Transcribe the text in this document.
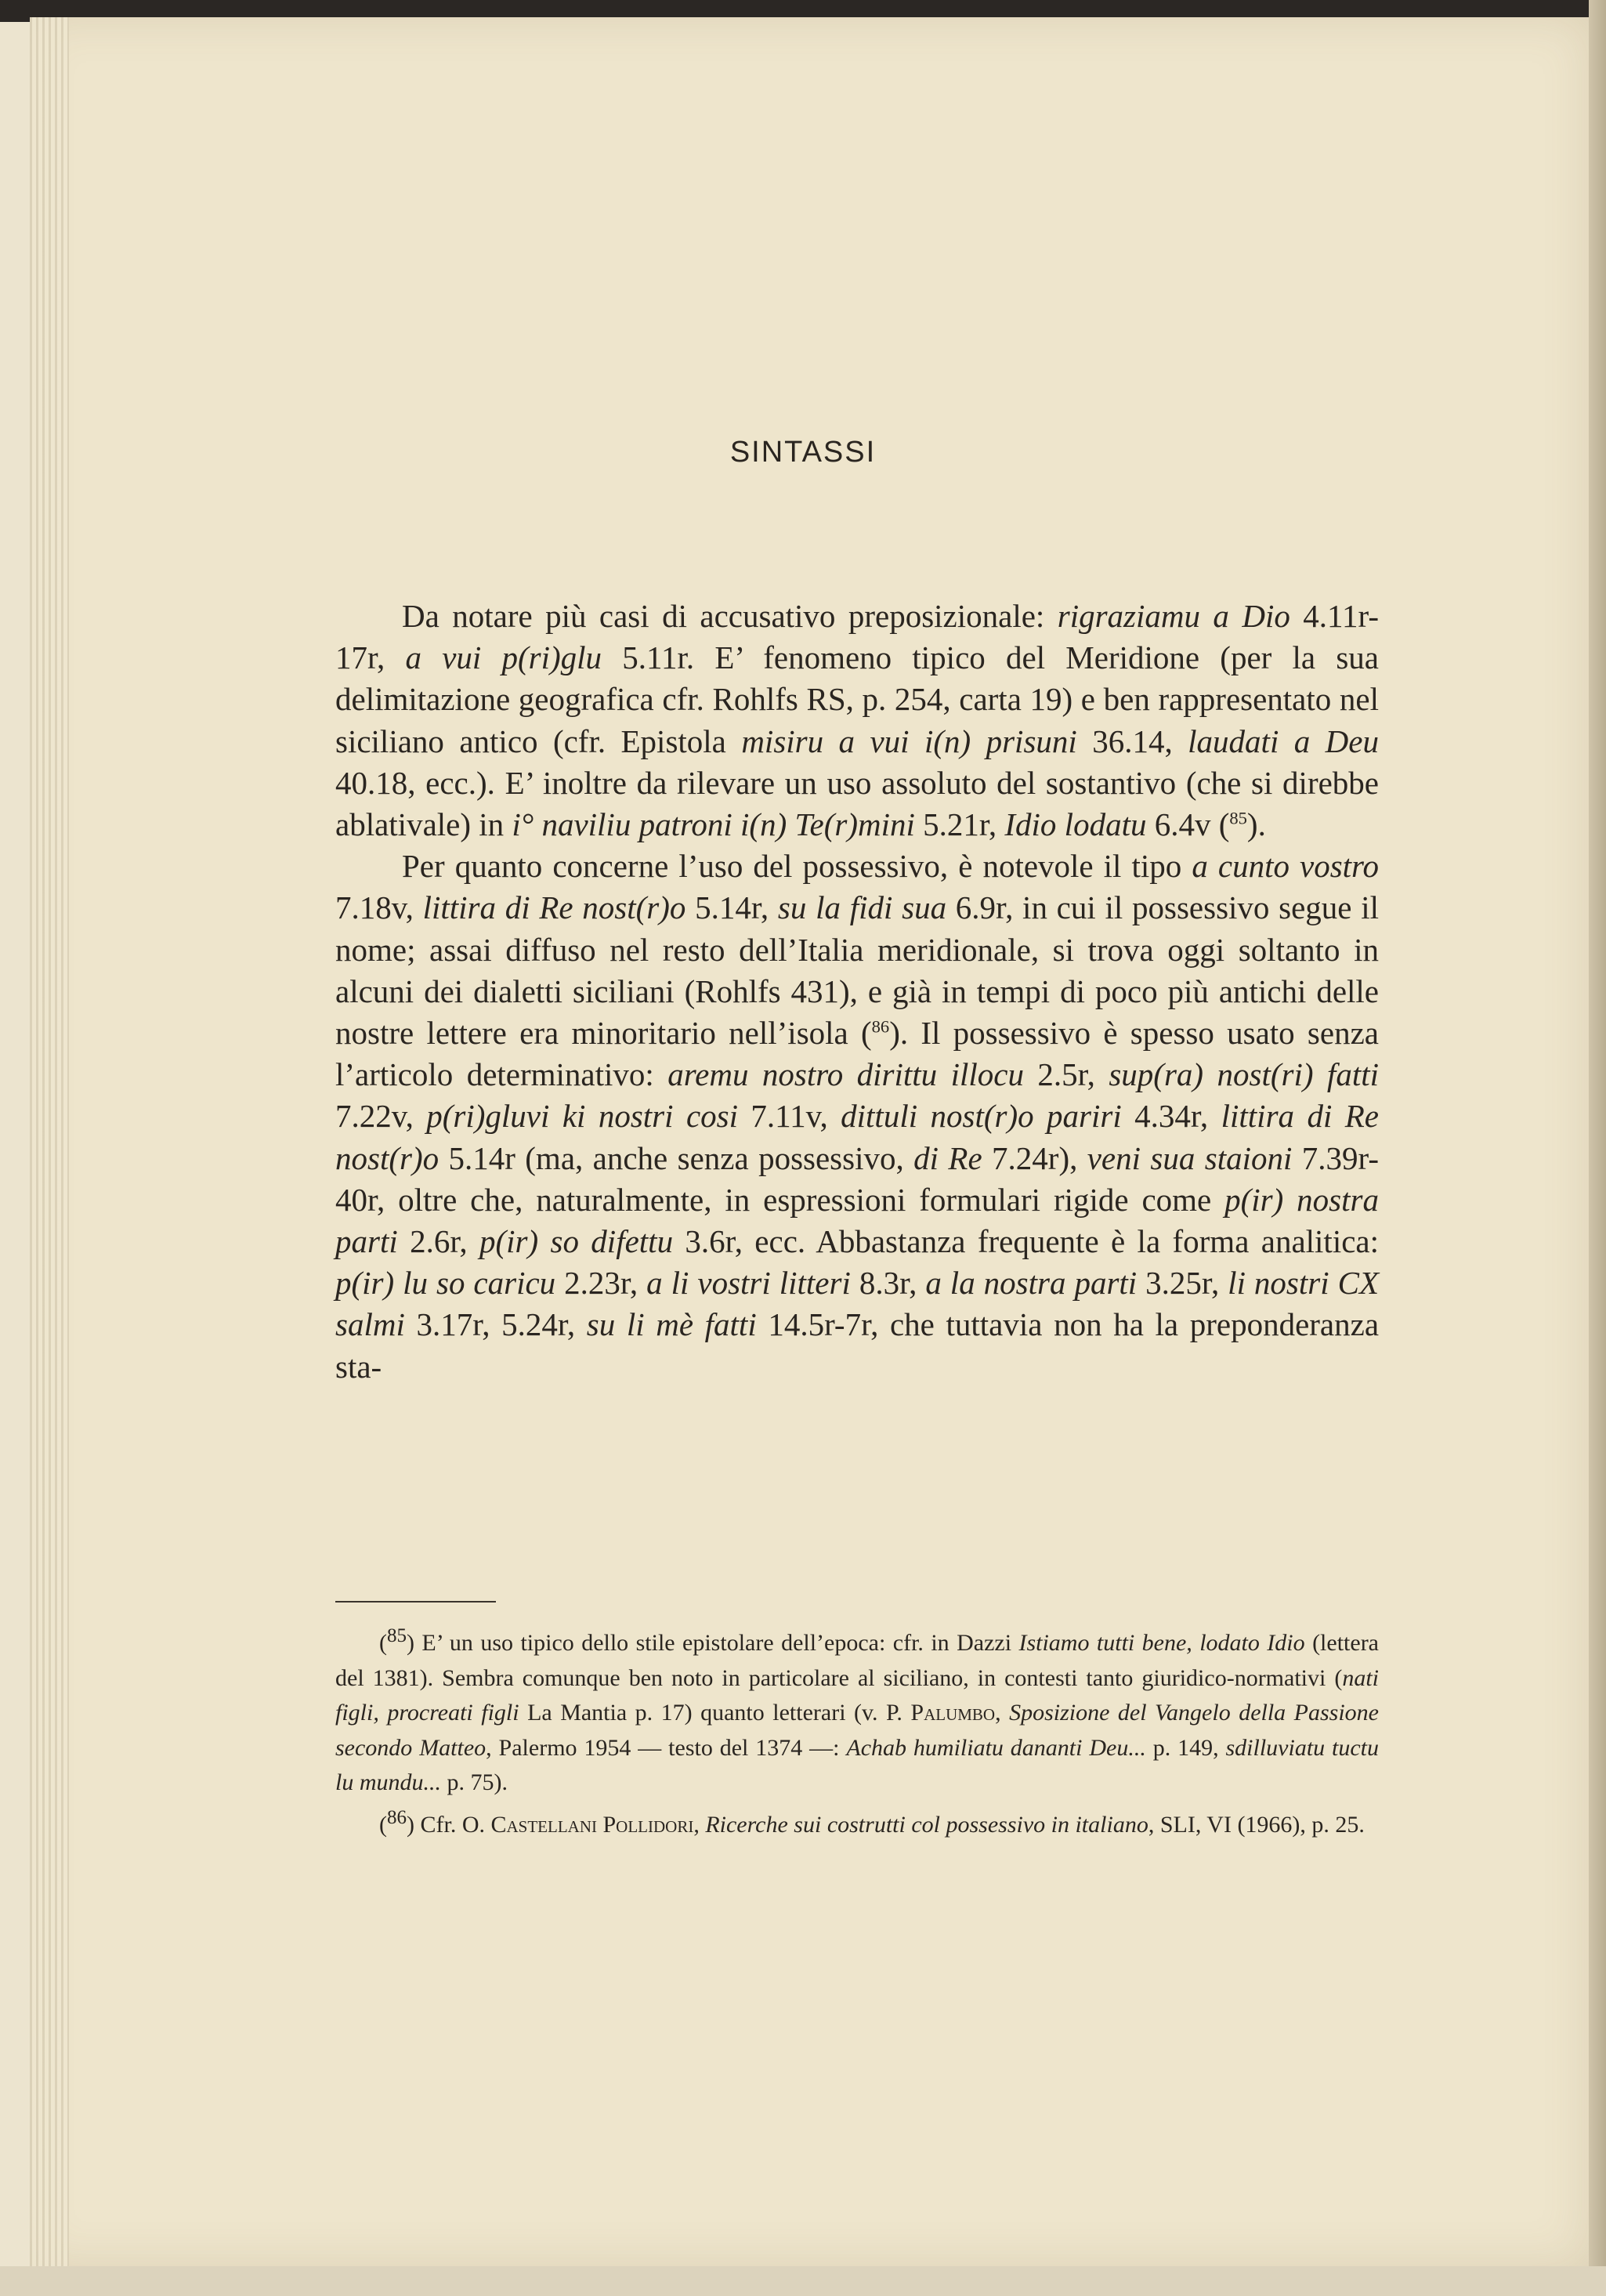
SINTASSI

Da notare più casi di accusativo preposizionale: rigraziamu a Dio 4.11r-17r, a vui p(ri)glu 5.11r. E’ fenomeno tipico del Meridione (per la sua delimitazione geografica cfr. Rohlfs RS, p. 254, carta 19) e ben rappresentato nel siciliano antico (cfr. Epistola misiru a vui i(n) prisuni 36.14, laudati a Deu 40.18, ecc.). E’ inoltre da rilevare un uso assoluto del sostantivo (che si direbbe ablativale) in i° naviliu patroni i(n) Te(r)mini 5.21r, Idio lodatu 6.4v ($^{85}$).

Per quanto concerne l’uso del possessivo, è notevole il tipo a cunto vostro 7.18v, littira di Re nost(r)o 5.14r, su la fidi sua 6.9r, in cui il possessivo segue il nome; assai diffuso nel resto dell’Italia meridionale, si trova oggi soltanto in alcuni dei dialetti siciliani (Rohlfs 431), e già in tempi di poco più antichi delle nostre lettere era minoritario nell’isola ($^{86}$). Il possessivo è spesso usato senza l’articolo determinativo: aremu nostro dirittu illocu 2.5r, sup(ra) nost(ri) fatti 7.22v, p(ri)gluvi ki nostri cosi 7.11v, dittuli nost(r)o pariri 4.34r, littira di Re nost(r)o 5.14r (ma, anche senza possessivo, di Re 7.24r), veni sua staioni 7.39r-40r, oltre che, naturalmente, in espressioni formulari rigide come p(ir) nostra parti 2.6r, p(ir) so difettu 3.6r, ecc. Abbastanza frequente è la forma analitica: p(ir) lu so caricu 2.23r, a li vostri litteri 8.3r, a la nostra parti 3.25r, li nostri CX salmi 3.17r, 5.24r, su li mè fatti 14.5r-7r, che tuttavia non ha la preponderanza sta-

($^{85}$) E’ un uso tipico dello stile epistolare dell’epoca: cfr. in Dazzi Istiamo tutti bene, lodato Idio (lettera del 1381). Sembra comunque ben noto in particolare al siciliano, in contesti tanto giuridico-normativi (nati figli, procreati figli La Mantia p. 17) quanto letterari (v. P. Palumbo, Sposizione del Vangelo della Passione secondo Matteo, Palermo 1954 — testo del 1374 —: Achab humiliatu dananti Deu... p. 149, sdilluviatu tuctu lu mundu... p. 75).

($^{86}$) Cfr. O. Castellani Pollidori, Ricerche sui costrutti col possessivo in italiano, SLI, VI (1966), p. 25.
